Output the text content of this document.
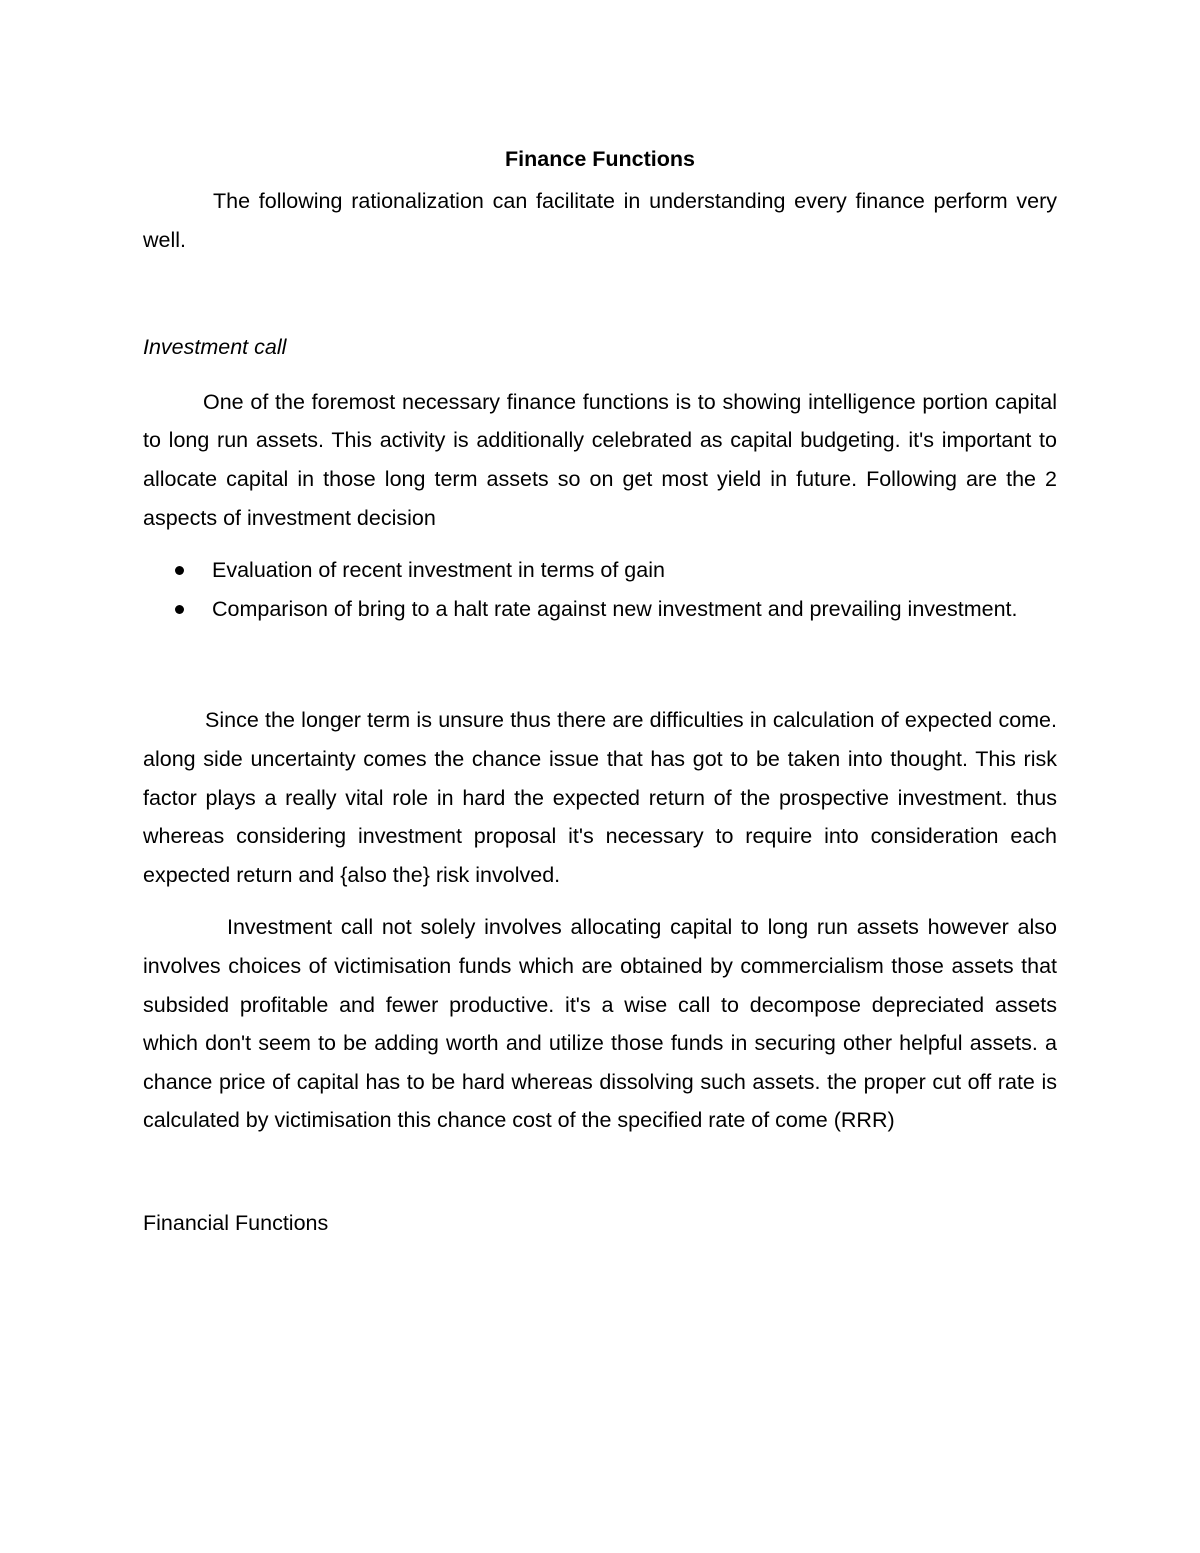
Finance Functions

The following rationalization can facilitate in understanding every finance perform very well.

Investment call

One of the foremost necessary finance functions is to showing intelligence portion capital to long run assets. This activity is additionally celebrated as capital budgeting. it's important to allocate capital in those long term assets so on get most yield in future. Following are the 2 aspects of investment decision

Evaluation of recent investment in terms of gain
Comparison of bring to a halt rate against new investment and prevailing investment.

Since the longer term is unsure thus there are difficulties in calculation of expected come. along side uncertainty comes the chance issue that has got to be taken into thought. This risk factor plays a really vital role in hard the expected return of the prospective investment. thus whereas considering investment proposal it's necessary to require into consideration each expected return and {also the} risk involved.

Investment call not solely involves allocating capital to long run assets however also involves choices of victimisation funds which are obtained by commercialism those assets that subsided profitable and fewer productive. it's a wise call to decompose depreciated assets which don't seem to be adding worth and utilize those funds in securing other helpful assets. a chance price of capital has to be hard whereas dissolving such assets. the proper cut off rate is calculated by victimisation this chance cost of the specified rate of come (RRR)

Financial Functions
